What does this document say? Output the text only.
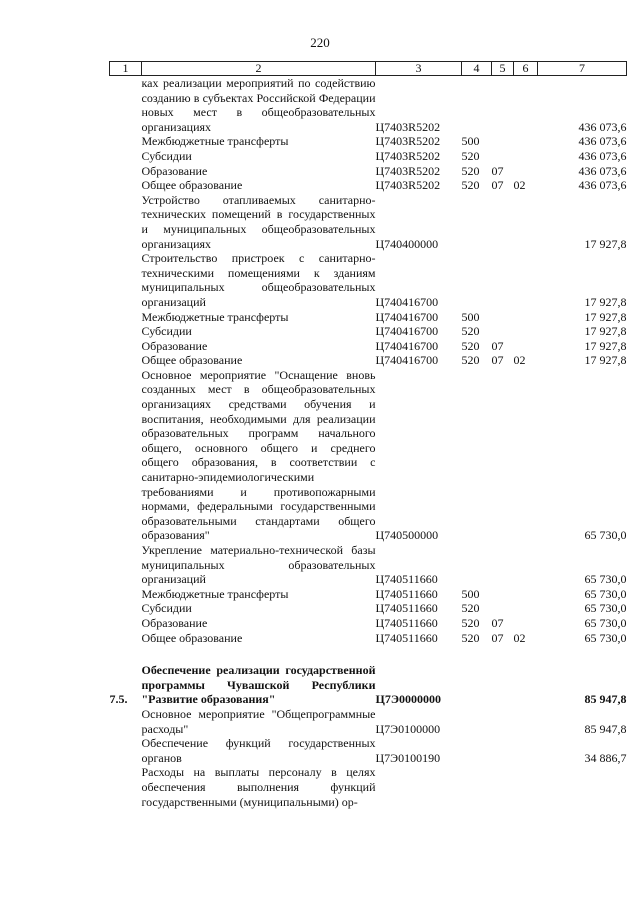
220
1	2	3	4	5	6	7
	ках реализации мероприятий по содействию созданию в субъектах Российской Федерации новых мест в общеобразовательных организациях	Ц7403R5202				436 073,6
	Межбюджетные трансферты	Ц7403R5202	500			436 073,6
	Субсидии	Ц7403R5202	520			436 073,6
	Образование	Ц7403R5202	520	07		436 073,6
	Общее образование	Ц7403R5202	520	07	02	436 073,6
	Устройство отапливаемых санитарно-технических помещений в государственных и муниципальных общеобразовательных организациях	Ц740400000				17 927,8
	Строительство пристроек с санитарно-техническими помещениями к зданиям муниципальных общеобразовательных организаций	Ц740416700				17 927,8
	Межбюджетные трансферты	Ц740416700	500			17 927,8
	Субсидии	Ц740416700	520			17 927,8
	Образование	Ц740416700	520	07		17 927,8
	Общее образование	Ц740416700	520	07	02	17 927,8
	Основное мероприятие "Оснащение вновь созданных мест в общеобразовательных организациях средствами обучения и воспитания, необходимыми для реализации образовательных программ начального общего, основного общего и среднего общего образования, в соответствии с санитарно-эпидемиологическими требованиями и противопожарными нормами, федеральными государственными образовательными стандартами общего образования"	Ц740500000				65 730,0
	Укрепление материально-технической базы муниципальных образовательных организаций	Ц740511660				65 730,0
	Межбюджетные трансферты	Ц740511660	500			65 730,0
	Субсидии	Ц740511660	520			65 730,0
	Образование	Ц740511660	520	07		65 730,0
	Общее образование	Ц740511660	520	07	02	65 730,0

7.5.	Обеспечение реализации государственной программы Чувашской Республики "Развитие образования"	Ц7Э0000000				85 947,8
	Основное мероприятие "Общепрограммные расходы"	Ц7Э0100000				85 947,8
	Обеспечение функций государственных органов	Ц7Э0100190				34 886,7
	Расходы на выплаты персоналу в целях обеспечения выполнения функций государственными (муниципальными) ор-					
